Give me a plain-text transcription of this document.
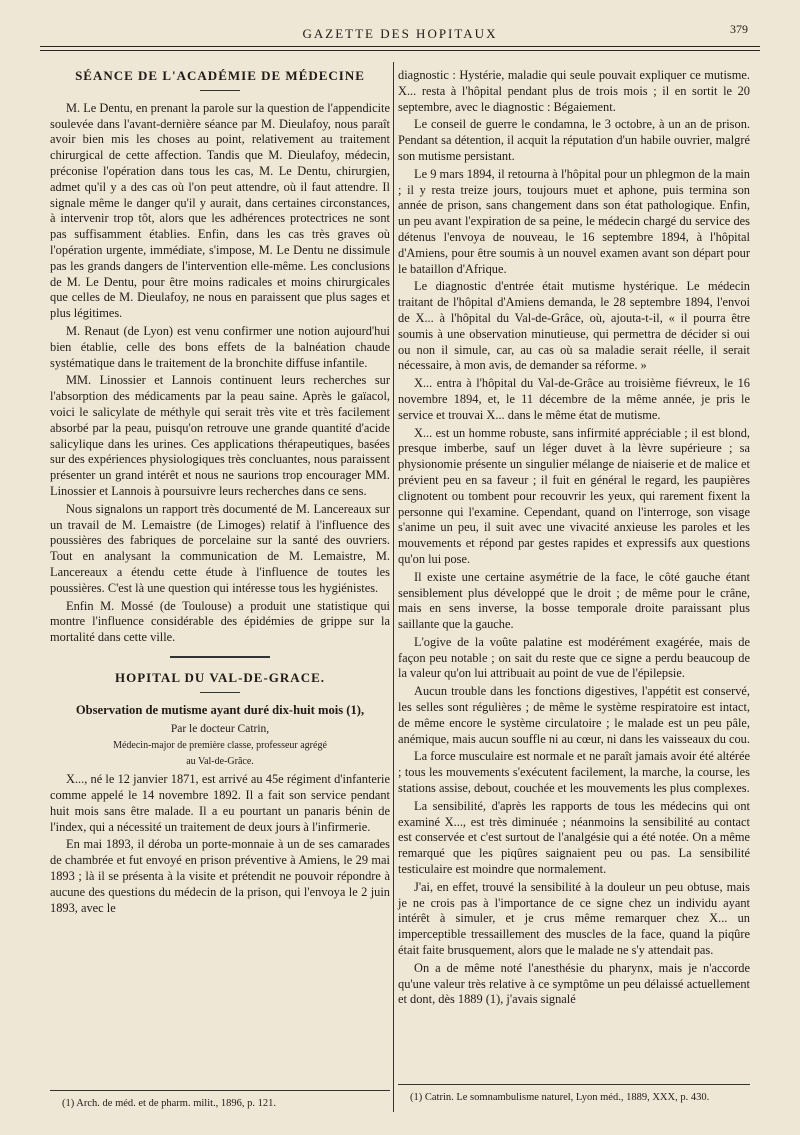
GAZETTE DES HOPITAUX	379

SÉANCE DE L'ACADÉMIE DE MÉDECINE

M. Le Dentu, en prenant la parole sur la question de l'appendicite soulevée dans l'avant-dernière séance par M. Dieulafoy, nous paraît avoir bien mis les choses au point, relativement au traitement chirurgical de cette affection. Tandis que M. Dieulafoy, médecin, préconise l'opération dans tous les cas, M. Le Dentu, chirurgien, admet qu'il y a des cas où l'on peut attendre, où il faut attendre. Il signale même le danger qu'il y aurait, dans certaines circonstances, à intervenir trop tôt, alors que les adhérences protectrices ne sont pas suffisamment établies. Enfin, dans les cas très graves où l'opération urgente, immédiate, s'impose, M. Le Dentu ne dissimule pas les grands dangers de l'intervention elle-même. Les conclusions de M. Le Dentu, pour être moins radicales et moins chirurgicales que celles de M. Dieulafoy, ne nous en paraissent que plus sages et plus légitimes.

M. Renaut (de Lyon) est venu confirmer une notion aujourd'hui bien établie, celle des bons effets de la balnéation chaude systématique dans le traitement de la bronchite diffuse infantile.

MM. Linossier et Lannois continuent leurs recherches sur l'absorption des médicaments par la peau saine. Après le gaïacol, voici le salicylate de méthyle qui serait très vite et très facilement absorbé par la peau, puisqu'on retrouve une grande quantité d'acide salicylique dans les urines. Ces applications thérapeutiques, basées sur des expériences physiologiques très concluantes, nous paraissent présenter un grand intérêt et nous ne saurions trop encourager MM. Linossier et Lannois à poursuivre leurs recherches dans ce sens.

Nous signalons un rapport très documenté de M. Lancereaux sur un travail de M. Lemaistre (de Limoges) relatif à l'influence des poussières des fabriques de porcelaine sur la santé des ouvriers. Tout en analysant la communication de M. Lemaistre, M. Lancereaux a étendu cette étude à l'influence de toutes les poussières. C'est là une question qui intéresse tous les hygiénistes.

Enfin M. Mossé (de Toulouse) a produit une statistique qui montre l'influence considérable des épidémies de grippe sur la mortalité dans cette ville.

HOPITAL DU VAL-DE-GRACE.

Observation de mutisme ayant duré dix-huit mois (1),

Par le docteur Catrin,

Médecin-major de première classe, professeur agrégé

au Val-de-Grâce.

X..., né le 12 janvier 1871, est arrivé au 45e régiment d'infanterie comme appelé le 14 novembre 1892. Il a fait son service pendant huit mois sans être malade. Il a eu pourtant un panaris bénin de l'index, qui a nécessité un traitement de deux jours à l'infirmerie.

En mai 1893, il déroba un porte-monnaie à un de ses camarades de chambrée et fut envoyé en prison préventive à Amiens, le 29 mai 1893 ; là il se présenta à la visite et prétendit ne pouvoir répondre à aucune des questions du médecin de la prison, qui l'envoya le 2 juin 1893, avec le

(1) Arch. de méd. et de pharm. milit., 1896, p. 121.

diagnostic : Hystérie, maladie qui seule pouvait expliquer ce mutisme. X... resta à l'hôpital pendant plus de trois mois ; il en sortit le 20 septembre, avec le diagnostic : Bégaiement.

Le conseil de guerre le condamna, le 3 octobre, à un an de prison. Pendant sa détention, il acquit la réputation d'un habile ouvrier, malgré son mutisme persistant.

Le 9 mars 1894, il retourna à l'hôpital pour un phlegmon de la main ; il y resta treize jours, toujours muet et aphone, puis termina son année de prison, sans changement dans son état pathologique. Enfin, un peu avant l'expiration de sa peine, le médecin chargé du service des détenus l'envoya de nouveau, le 16 septembre 1894, à l'hôpital d'Amiens, pour être soumis à un nouvel examen avant son départ pour le bataillon d'Afrique.

Le diagnostic d'entrée était mutisme hystérique. Le médecin traitant de l'hôpital d'Amiens demanda, le 28 septembre 1894, l'envoi de X... à l'hôpital du Val-de-Grâce, où, ajouta-t-il, « il pourra être soumis à une observation minutieuse, qui permettra de décider si oui ou non il simule, car, au cas où sa maladie serait réelle, il serait nécessaire, à mon avis, de demander sa réforme. »

X... entra à l'hôpital du Val-de-Grâce au troisième fiévreux, le 16 novembre 1894, et, le 11 décembre de la même année, je pris le service et trouvai X... dans le même état de mutisme.

X... est un homme robuste, sans infirmité appréciable ; il est blond, presque imberbe, sauf un léger duvet à la lèvre supérieure ; sa physionomie présente un singulier mélange de niaiserie et de malice et prévient peu en sa faveur ; il fuit en général le regard, les paupières clignotent ou tombent pour recouvrir les yeux, qui rarement fixent la personne qui l'examine. Cependant, quand on l'interroge, son visage s'anime un peu, il suit avec une vivacité anxieuse les paroles et les mouvements et répond par gestes rapides et expressifs aux questions qu'on lui pose.

Il existe une certaine asymétrie de la face, le côté gauche étant sensiblement plus développé que le droit ; de même pour le crâne, mais en sens inverse, la bosse temporale droite paraissant plus saillante que la gauche.

L'ogive de la voûte palatine est modérément exagérée, mais de façon peu notable ; on sait du reste que ce signe a perdu beaucoup de la valeur qu'on lui attribuait au point de vue de l'épilepsie.

Aucun trouble dans les fonctions digestives, l'appétit est conservé, les selles sont régulières ; de même le système respiratoire est intact, de même encore le système circulatoire ; le malade est un peu pâle, anémique, mais aucun souffle ni au cœur, ni dans les vaisseaux du cou.

La force musculaire est normale et ne paraît jamais avoir été altérée ; tous les mouvements s'exécutent facilement, la marche, la course, les stations assise, debout, couchée et les mouvements les plus complexes.

La sensibilité, d'après les rapports de tous les médecins qui ont examiné X..., est très diminuée ; néanmoins la sensibilité au contact est conservée et c'est surtout de l'analgésie qui a été notée. On a même remarqué que les piqûres saignaient peu ou pas. La sensibilité testiculaire est moindre que normalement.

J'ai, en effet, trouvé la sensibilité à la douleur un peu obtuse, mais je ne crois pas à l'importance de ce signe chez un individu ayant intérêt à simuler, et je crus même remarquer chez X... un imperceptible tressaillement des muscles de la face, quand la piqûre était faite brusquement, alors que le malade ne s'y attendait pas.

On a de même noté l'anesthésie du pharynx, mais je n'accorde qu'une valeur très relative à ce symptôme un peu délaissé actuellement et dont, dès 1889 (1), j'avais signalé

(1) Catrin. Le somnambulisme naturel, Lyon méd., 1889, XXX, p. 430.
